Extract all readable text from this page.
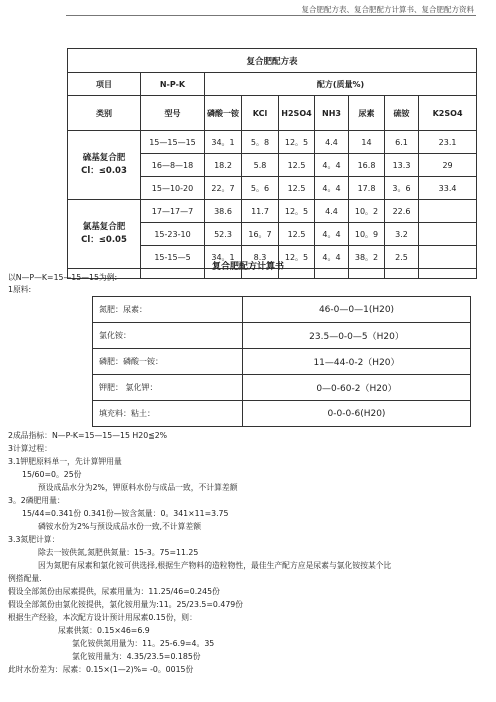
复合肥配方表、复合肥配方计算书、复合肥配方资料
复合肥配方表								
项目	N-P-K	配方(质量%)						
类别	型号	磷酸一铵	KCl	H2SO4	NH3	尿素	硫铵	K2SO4

硫基复合肥
Cl：≤0.03	15—15—15	34。1	5。8	12。5	4.4	14	6.1	23.1
	16—8—18	18.2	5.8	12.5	4。4	16.8	13.3	29
	15—10-20	22。7	5。6	12.5	4。4	17.8	3。6	33.4

氯基复合肥
Cl：≤0.05	17—17—7	38.6	11.7	12。5	4.4	10。2	22.6	
	15-23-10	52.3	16。7	12.5	4。4	10。9	3.2	
	15-15—5	34。1	8.3	12。5	4。4	38。2	2.5	

复合肥配方计算书
以N—P—K=15—15—15为例:
1原料:
氮肥：尿素：	46-0—0—1(H20)
氯化铵：	23.5—0-0—5（H20）
磷肥：磷酸一铵：	11—44-0-2（H20）
钾肥： 氯化钾：	0—0-60-2（H20）
填充料：粘土：	0-0-0-6(H20)
2成品指标：N—P-K=15—15—15 H20≦2%
3计算过程：
3.1钾肥原料单一，先计算钾用量
15/60=0。25份
预设成品水分为2%，钾原料水份与成品一致，不计算差额
3。2磷肥用量：
15/44=0.341份 0.341份—铵含氮量：0。341×11=3.75
磷铵水份为2%与预设成品水份一致,不计算差额
3.3氮肥计算：
除去一铵供氮,氮肥供氮量：15-3。75=11.25
因为氮肥有尿素和氯化铵可供选择,根据生产物料的造粒物性，最佳生产配方应是尿素与氯化铵按某个比
例搭配量.
假设全部氮份由尿素提供，尿素用量为：11.25/46=0.245份
假设全部氮份由氯化铵提供，氯化铵用量为:11。25/23.5=0.479份
根据生产经验，本次配方设计预计用尿素0.15份，则：
尿素供氮：0.15×46=6.9
氯化铵供氮用量为：11。25-6.9=4。35
氯化铵用量为：4.35/23.5=0.185份
此时水份差为：尿素：0.15×(1—2)%= -0。0015份
